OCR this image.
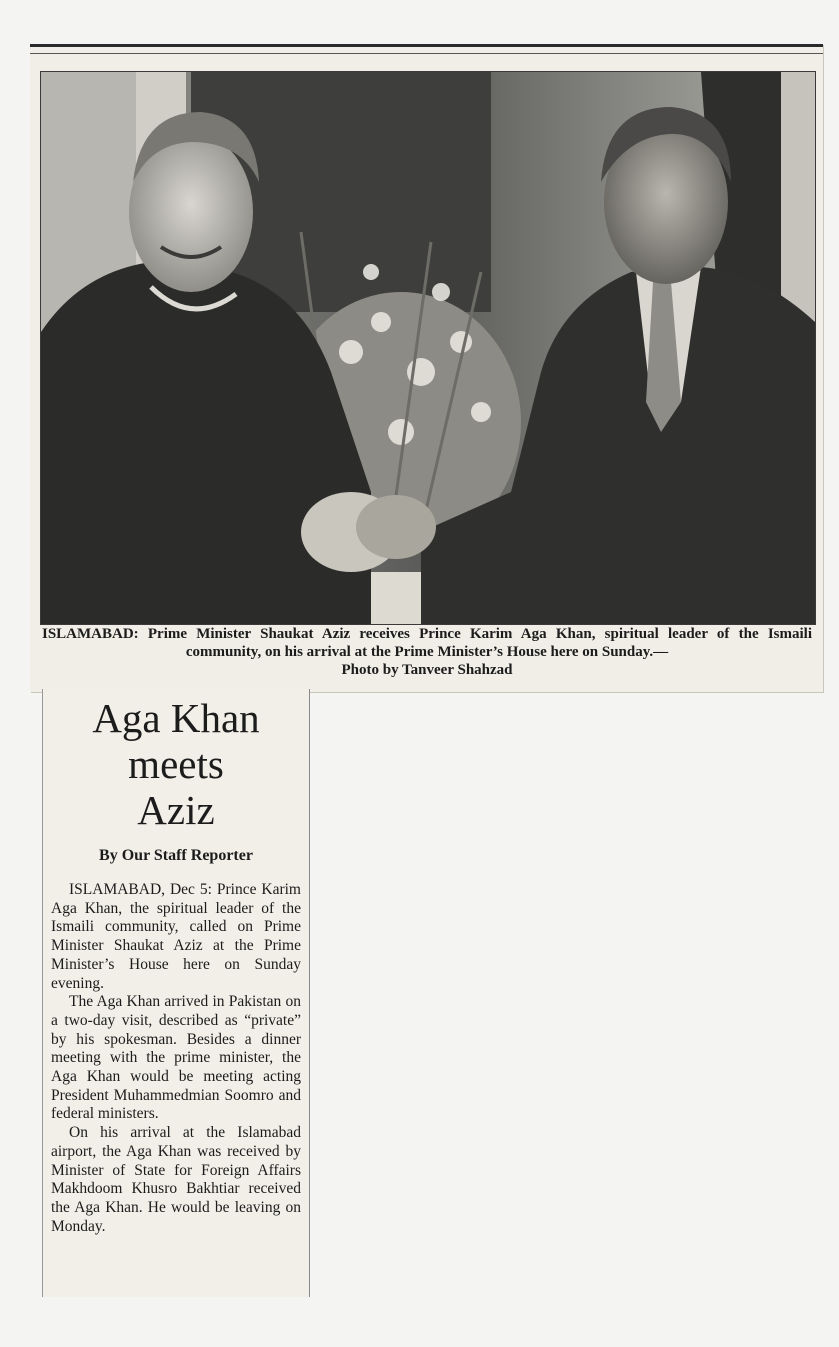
ISLAMABAD: Prime Minister Shaukat Aziz receives Prince Karim Aga Khan, spiritual leader of the Ismaili community, on his arrival at the Prime Minister’s House here on Sunday.—
Photo by Tanveer Shahzad
Aga Khan
meets
Aziz
By Our Staff Reporter

ISLAMABAD, Dec 5: Prince Karim Aga Khan, the spiritual leader of the Ismaili community, called on Prime Minister Shaukat Aziz at the Prime Minister’s House here on Sunday evening.

The Aga Khan arrived in Pakistan on a two-day visit, described as “private” by his spokesman. Besides a dinner meeting with the prime minister, the Aga Khan would be meeting acting President Muhammedmian Soomro and federal ministers.

On his arrival at the Islamabad airport, the Aga Khan was received by Minister of State for Foreign Affairs Makhdoom Khusro Bakhtiar received the Aga Khan. He would be leaving on Monday.
